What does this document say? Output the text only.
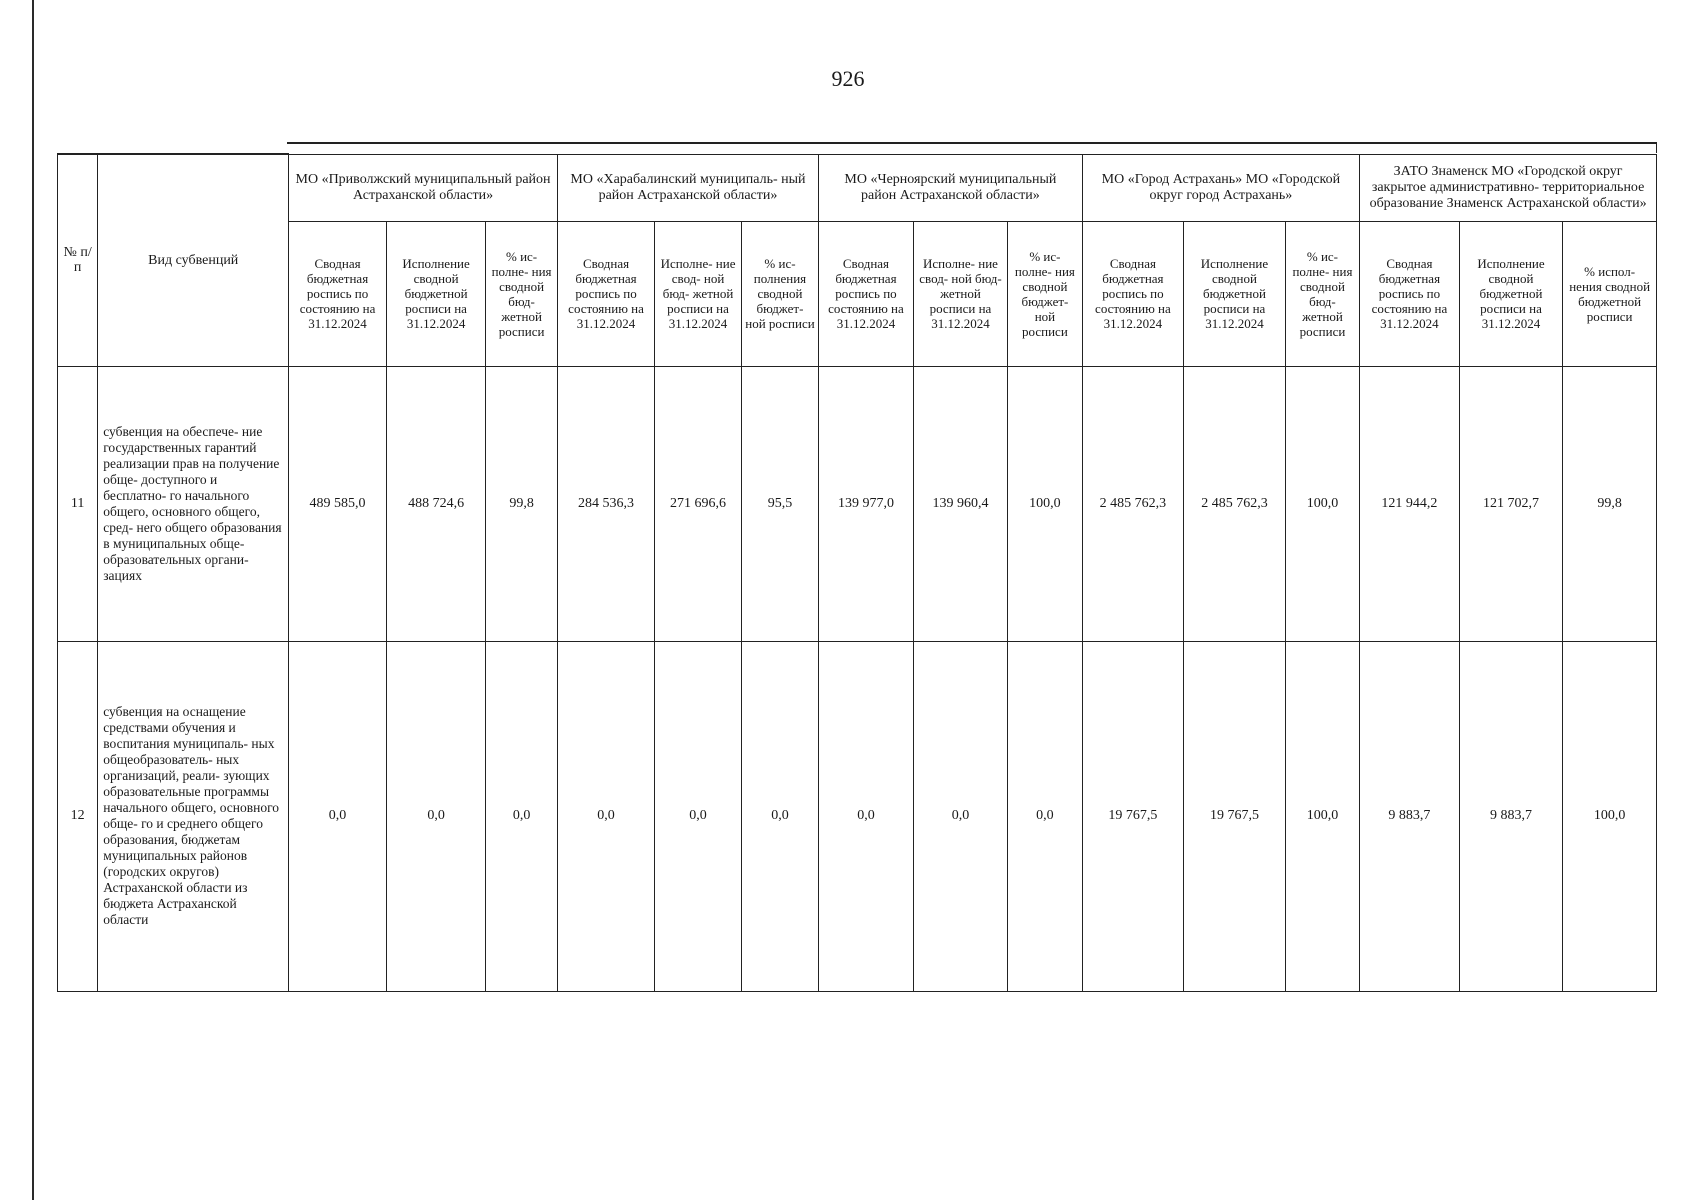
926
№ п/п	Вид субвенций	МО «Приволжский муниципальный район Астраханской области»			МО «Харабалинский муниципаль- ный район Астраханской области»			МО «Черноярский муниципальный район Астраханской области»			МО «Город Астрахань» МО «Городской округ город Астрахань»			ЗАТО Знаменск МО «Городской округ закрытое административно- территориальное образование Знаменск Астраханской области»		
		Сводная бюджетная роспись по состоянию на 31.12.2024	Исполнение сводной бюджетной росписи на 31.12.2024	% ис- полне- ния сводной бюд- жетной росписи	Сводная бюджетная роспись по состоянию на 31.12.2024	Исполне- ние свод- ной бюд- жетной росписи на 31.12.2024	% ис- полнения сводной бюджет- ной росписи	Сводная бюджетная роспись по состоянию на 31.12.2024	Исполне- ние свод- ной бюд- жетной росписи на 31.12.2024	% ис- полне- ния сводной бюджет- ной росписи	Сводная бюджетная роспись по состоянию на 31.12.2024	Исполнение сводной бюджетной росписи на 31.12.2024	% ис- полне- ния сводной бюд- жетной росписи	Сводная бюджетная роспись по состоянию на 31.12.2024	Исполнение сводной бюджетной росписи на 31.12.2024	% испол- нения сводной бюджетной росписи
11	субвенция на обеспече- ние государственных гарантий реализации прав на получение обще- доступного и бесплатно- го начального общего, основного общего, сред- него общего образования в муниципальных обще- образовательных органи- зациях	489 585,0	488 724,6	99,8	284 536,3	271 696,6	95,5	139 977,0	139 960,4	100,0	2 485 762,3	2 485 762,3	100,0	121 944,2	121 702,7	99,8
12	субвенция на оснащение средствами обучения и воспитания муниципаль- ных общеобразователь- ных организаций, реали- зующих образовательные программы начального общего, основного обще- го и среднего общего образования, бюджетам муниципальных районов (городских округов) Астраханской области из бюджета Астраханской области	0,0	0,0	0,0	0,0	0,0	0,0	0,0	0,0	0,0	19 767,5	19 767,5	100,0	9 883,7	9 883,7	100,0
